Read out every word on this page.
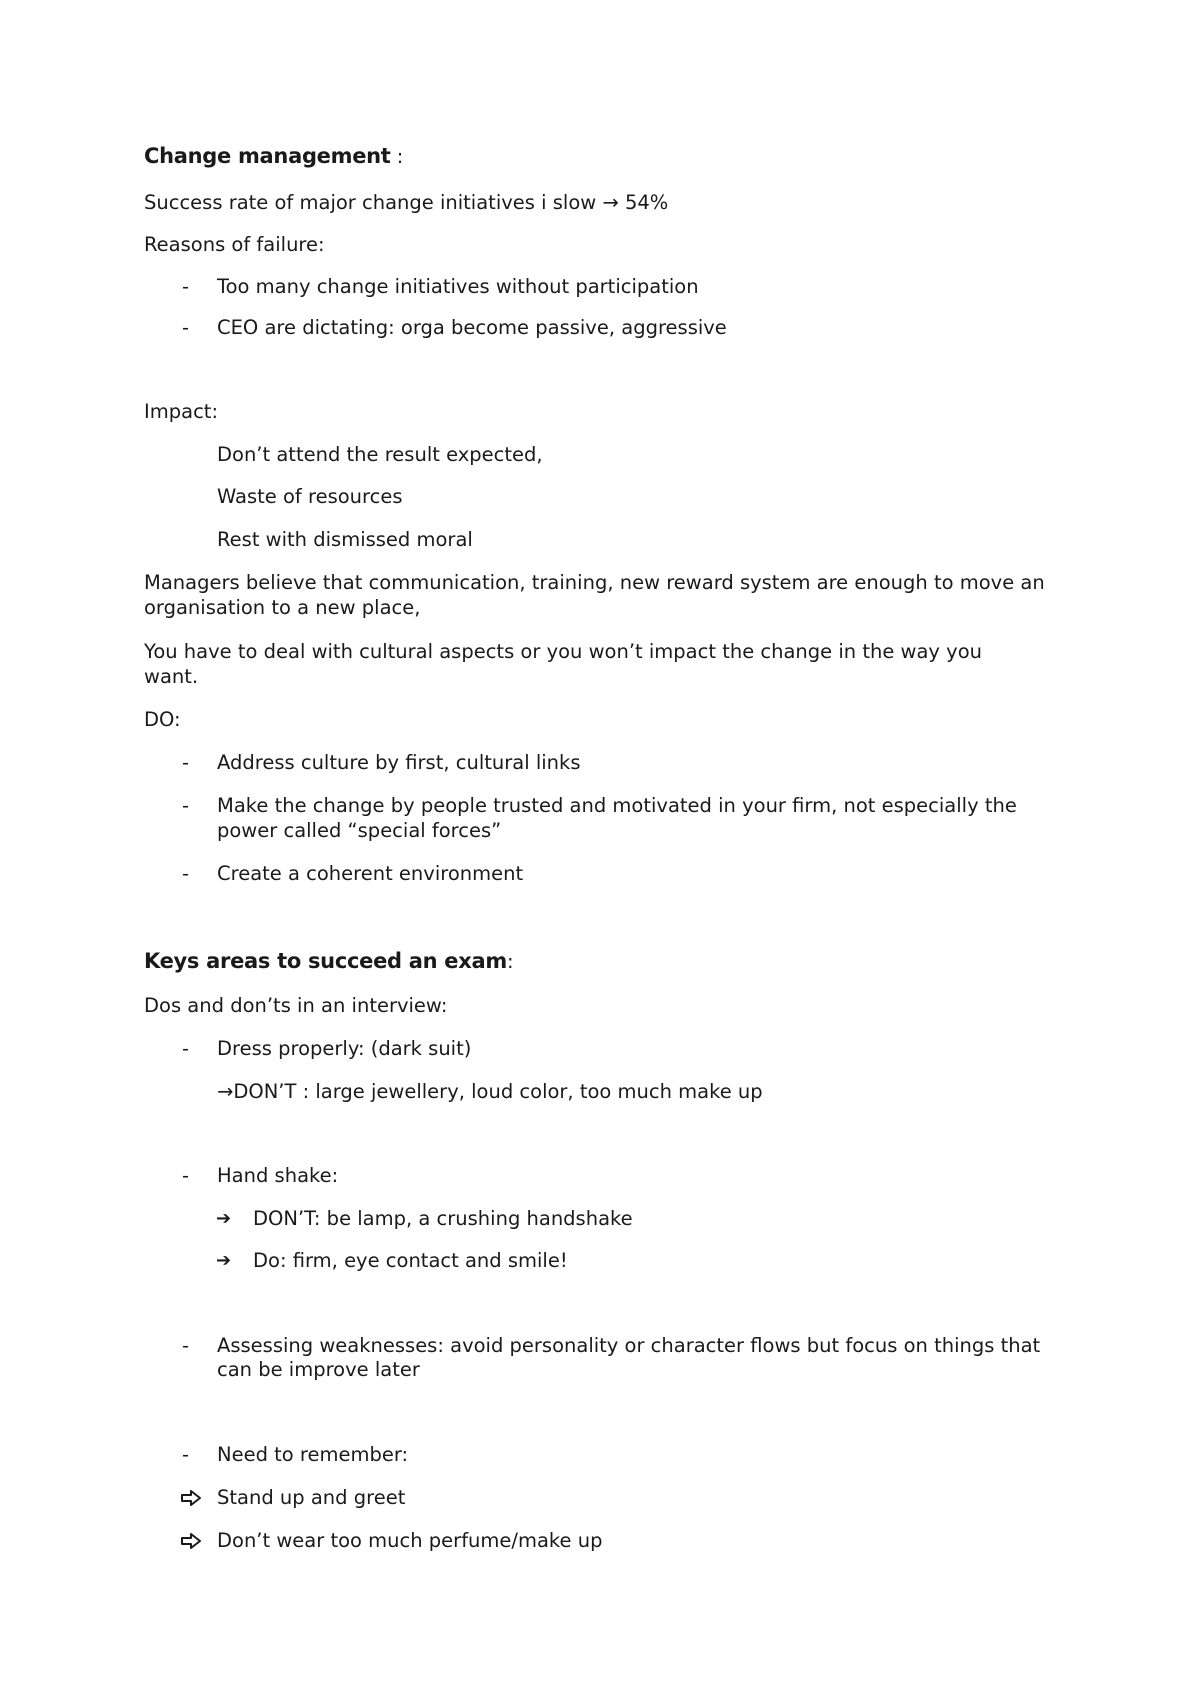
Change management :
Success rate of major change initiatives i slow → 54%
Reasons of failure:
- Too many change initiatives without participation
- CEO are dictating: orga become passive, aggressive
Impact:
Don’t attend the result expected,
Waste of resources
Rest with dismissed moral
Managers believe that communication, training, new reward system are enough to move an
organisation to a new place,
You have to deal with cultural aspects or you won’t impact the change in the way you
want.
DO:
- Address culture by first, cultural links
- Make the change by people trusted and motivated in your firm, not especially the
power called “special forces”
- Create a coherent environment
Keys areas to succeed an exam:
Dos and don’ts in an interview:
- Dress properly: (dark suit)
→DON’T : large jewellery, loud color, too much make up
- Hand shake:
➔ DON’T: be lamp, a crushing handshake
➔ Do: firm, eye contact and smile!
- Assessing weaknesses: avoid personality or character flows but focus on things that
can be improve later
- Need to remember:
Stand up and greet
Don’t wear too much perfume/make up
